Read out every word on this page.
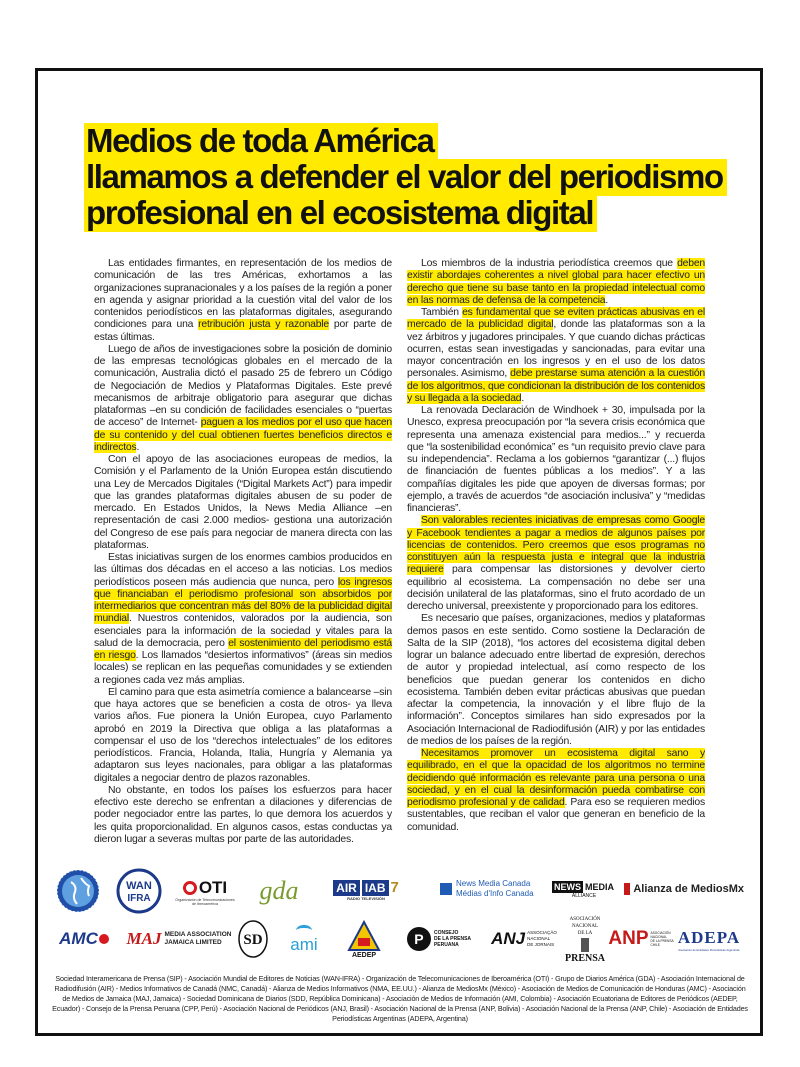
Medios de toda América
llamamos a defender el valor del periodismo
profesional en el ecosistema digital

Las entidades firmantes, en representación de los medios de comunicación de las tres Américas, exhortamos a las organizaciones supranacionales y a los países de la región a poner en agenda y asignar prioridad a la cuestión vital del valor de los contenidos periodísticos en las plataformas digitales, asegurando condiciones para una retribución justa y razonable por parte de estas últimas.

Luego de años de investigaciones sobre la posición de dominio de las empresas tecnológicas globales en el mercado de la comunicación, Australia dictó el pasado 25 de febrero un Código de Negociación de Medios y Plataformas Digitales. Este prevé mecanismos de arbitraje obligatorio para asegurar que dichas plataformas –en su condición de facilidades esenciales o “puertas de acceso” de Internet- paguen a los medios por el uso que hacen de su contenido y del cual obtienen fuertes beneficios directos e indirectos.

Con el apoyo de las asociaciones europeas de medios, la Comisión y el Parlamento de la Unión Europea están discutiendo una Ley de Mercados Digitales (“Digital Markets Act”) para impedir que las grandes plataformas digitales abusen de su poder de mercado. En Estados Unidos, la News Media Alliance –en representación de casi 2.000 medios- gestiona una autorización del Congreso de ese país para negociar de manera directa con las plataformas.

Estas iniciativas surgen de los enormes cambios producidos en las últimas dos décadas en el acceso a las noticias. Los medios periodísticos poseen más audiencia que nunca, pero los ingresos que financiaban el periodismo profesional son absorbidos por intermediarios que concentran más del 80% de la publicidad digital mundial. Nuestros contenidos, valorados por la audiencia, son esenciales para la información de la sociedad y vitales para la salud de la democracia, pero el sostenimiento del periodismo está en riesgo. Los llamados “desiertos informativos” (áreas sin medios locales) se replican en las pequeñas comunidades y se extienden a regiones cada vez más amplias.

El camino para que esta asimetría comience a balancearse –sin que haya actores que se beneficien a costa de otros- ya lleva varios años. Fue pionera la Unión Europea, cuyo Parlamento aprobó en 2019 la Directiva que obliga a las plataformas a compensar el uso de los “derechos intelectuales” de los editores periodísticos. Francia, Holanda, Italia, Hungría y Alemania ya adaptaron sus leyes nacionales, para obligar a las plataformas digitales a negociar dentro de plazos razonables.

No obstante, en todos los países los esfuerzos para hacer efectivo este derecho se enfrentan a dilaciones y diferencias de poder negociador entre las partes, lo que demora los acuerdos y les quita proporcionalidad. En algunos casos, estas conductas ya dieron lugar a severas multas por parte de las autoridades.

Los miembros de la industria periodística creemos que deben existir abordajes coherentes a nivel global para hacer efectivo un derecho que tiene su base tanto en la propiedad intelectual como en las normas de defensa de la competencia.

También es fundamental que se eviten prácticas abusivas en el mercado de la publicidad digital, donde las plataformas son a la vez árbitros y jugadores principales. Y que cuando dichas prácticas ocurren, estas sean investigadas y sancionadas, para evitar una mayor concentración en los ingresos y en el uso de los datos personales. Asimismo, debe prestarse suma atención a la cuestión de los algoritmos, que condicionan la distribución de los contenidos y su llegada a la sociedad.

La renovada Declaración de Windhoek + 30, impulsada por la Unesco, expresa preocupación por “la severa crisis económica que representa una amenaza existencial para medios...” y recuerda que “la sostenibilidad económica” es “un requisito previo clave para su independencia”. Reclama a los gobiernos “garantizar (...) flujos de financiación de fuentes públicas a los medios”. Y a las compañías digitales les pide que apoyen de diversas formas; por ejemplo, a través de acuerdos “de asociación inclusiva” y “medidas financieras”.

Son valorables recientes iniciativas de empresas como Google y Facebook tendientes a pagar a medios de algunos países por licencias de contenidos. Pero creemos que esos programas no constituyen aún la respuesta justa e integral que la industria requiere para compensar las distorsiones y devolver cierto equilibrio al ecosistema. La compensación no debe ser una decisión unilateral de las plataformas, sino el fruto acordado de un derecho universal, preexistente y proporcionado para los editores.

Es necesario que países, organizaciones, medios y plataformas demos pasos en este sentido. Como sostiene la Declaración de Salta de la SIP (2018), “los actores del ecosistema digital deben lograr un balance adecuado entre libertad de expresión, derechos de autor y propiedad intelectual, así como respecto de los beneficios que puedan generar los contenidos en dicho ecosistema. También deben evitar prácticas abusivas que puedan afectar la competencia, la innovación y el libre flujo de la información”. Conceptos similares han sido expresados por la Asociación Internacional de Radiodifusión (AIR) y por las entidades de medios de los países de la región.

Necesitamos promover un ecosistema digital sano y equilibrado, en el que la opacidad de los algoritmos no termine decidiendo qué información es relevante para una persona o una sociedad, y en el cual la desinformación pueda combatirse con periodismo profesional y de calidad. Para eso se requieren medios sustentables, que reciban el valor que generan en beneficio de la comunidad.

WAN
IFRA
OTI
Organización de Telecomunicaciones de Iberoamérica	gda	AIR IAB 7
RADIO TELEVISIÓN
News Media Canada
Médias d'Info Canada
NEWS MEDIA
ALLIANCE
Alianza de Medios Mx
AMC MAJ MEDIA ASSOCIATION
JAMAICA LIMITED	SD ami
AEDEP
P	CONSEJO
DE LA PRENSA
PERUANA	ANJ ASSOCIAÇÃO
NACIONAL
DE JORNAIS
ASOCIACIÓN
NACIONAL
DE LA
PRENSA
ANP ASOCIACIÓN
NACIONAL
DE LA PRENSA
CHILE	ADEPA
Asociación de Entidades Periodísticas Argentinas
Sociedad Interamericana de Prensa (SIP) - Asociación Mundial de Editores de Noticias (WAN-IFRA) - Organización de Telecomunicaciones de Iberoamérica (OTI) - Grupo de Diarios América (GDA) - Asociación Internacional de Radiodifusión (AIR) - Medios Informativos de Canadá (NMC, Canadá) - Alianza de Medios Informativos (NMA, EE.UU.) - Alianza de MediosMx (México) - Asociación de Medios de Comunicación de Honduras (AMC) - Asociación de Medios de Jamaica (MAJ, Jamaica) - Sociedad Dominicana de Diarios (SDD, República Dominicana) - Asociación de Medios de Información (AMI, Colombia) - Asociación Ecuatoriana de Editores de Periódicos (AEDEP, Ecuador) - Consejo de la Prensa Peruana (CPP, Perú) - Asociación Nacional de Periódicos (ANJ, Brasil) - Asociación Nacional de la Prensa (ANP, Bolivia) - Asociación Nacional de la Prensa (ANP, Chile) - Asociación de Entidades Periodísticas Argentinas (ADEPA, Argentina)
